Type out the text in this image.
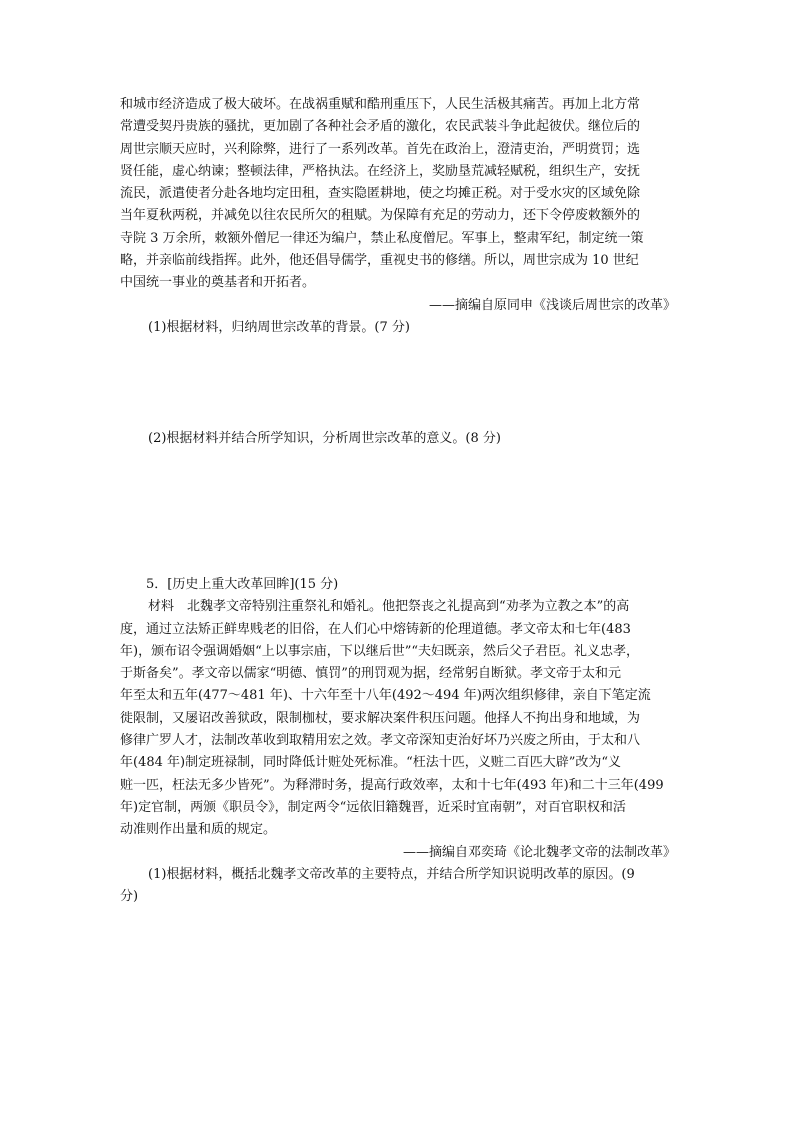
和城市经济造成了极大破坏。在战祸重赋和酷刑重压下，人民生活极其痛苦。再加上北方常
常遭受契丹贵族的骚扰，更加剧了各种社会矛盾的激化，农民武装斗争此起彼伏。继位后的
周世宗顺天应时，兴利除弊，进行了一系列改革。首先在政治上，澄清吏治，严明赏罚；选
贤任能，虚心纳谏；整顿法律，严格执法。在经济上，奖励垦荒减轻赋税，组织生产，安抚
流民，派遣使者分赴各地均定田租，查实隐匿耕地，使之均摊正税。对于受水灾的区域免除
当年夏秋两税，并减免以往农民所欠的租赋。为保障有充足的劳动力，还下令停废敕额外的
寺院 3 万余所，敕额外僧尼一律还为编户，禁止私度僧尼。军事上，整肃军纪，制定统一策
略，并亲临前线指挥。此外，他还倡导儒学，重视史书的修缮。所以，周世宗成为 10 世纪
中国统一事业的奠基者和开拓者。
——摘编自原同申《浅谈后周世宗的改革》
(1)根据材料，归纳周世宗改革的背景。(7 分)
(2)根据材料并结合所学知识，分析周世宗改革的意义。(8 分)
5．[历史上重大改革回眸](15 分)
材料　北魏孝文帝特别注重祭礼和婚礼。他把祭丧之礼提高到“劝孝为立教之本”的高
度，通过立法矫正鲜卑贱老的旧俗，在人们心中熔铸新的伦理道德。孝文帝太和七年(483
年)，颁布诏令强调婚姻“上以事宗庙，下以继后世”“夫妇既亲，然后父子君臣。礼义忠孝，
于斯备矣”。孝文帝以儒家“明德、慎罚”的刑罚观为据，经常躬自断狱。孝文帝于太和元
年至太和五年(477～481 年)、十六年至十八年(492～494 年)两次组织修律，亲自下笔定流
徙限制，又屡诏改善狱政，限制枷杖，要求解决案件积压问题。他择人不拘出身和地域，为
修律广罗人才，法制改革收到取精用宏之效。孝文帝深知吏治好坏乃兴废之所由，于太和八
年(484 年)制定班禄制，同时降低计赃处死标准。“枉法十匹，义赃二百匹大辟”改为“义
赃一匹，枉法无多少皆死”。为释滞时务，提高行政效率，太和十七年(493 年)和二十三年(499
年)定官制，两颁《职员令》，制定两令“远依旧籍魏晋，近采时宜南朝”，对百官职权和活
动准则作出量和质的规定。
——摘编自邓奕琦《论北魏孝文帝的法制改革》
(1)根据材料，概括北魏孝文帝改革的主要特点，并结合所学知识说明改革的原因。(9
分)
